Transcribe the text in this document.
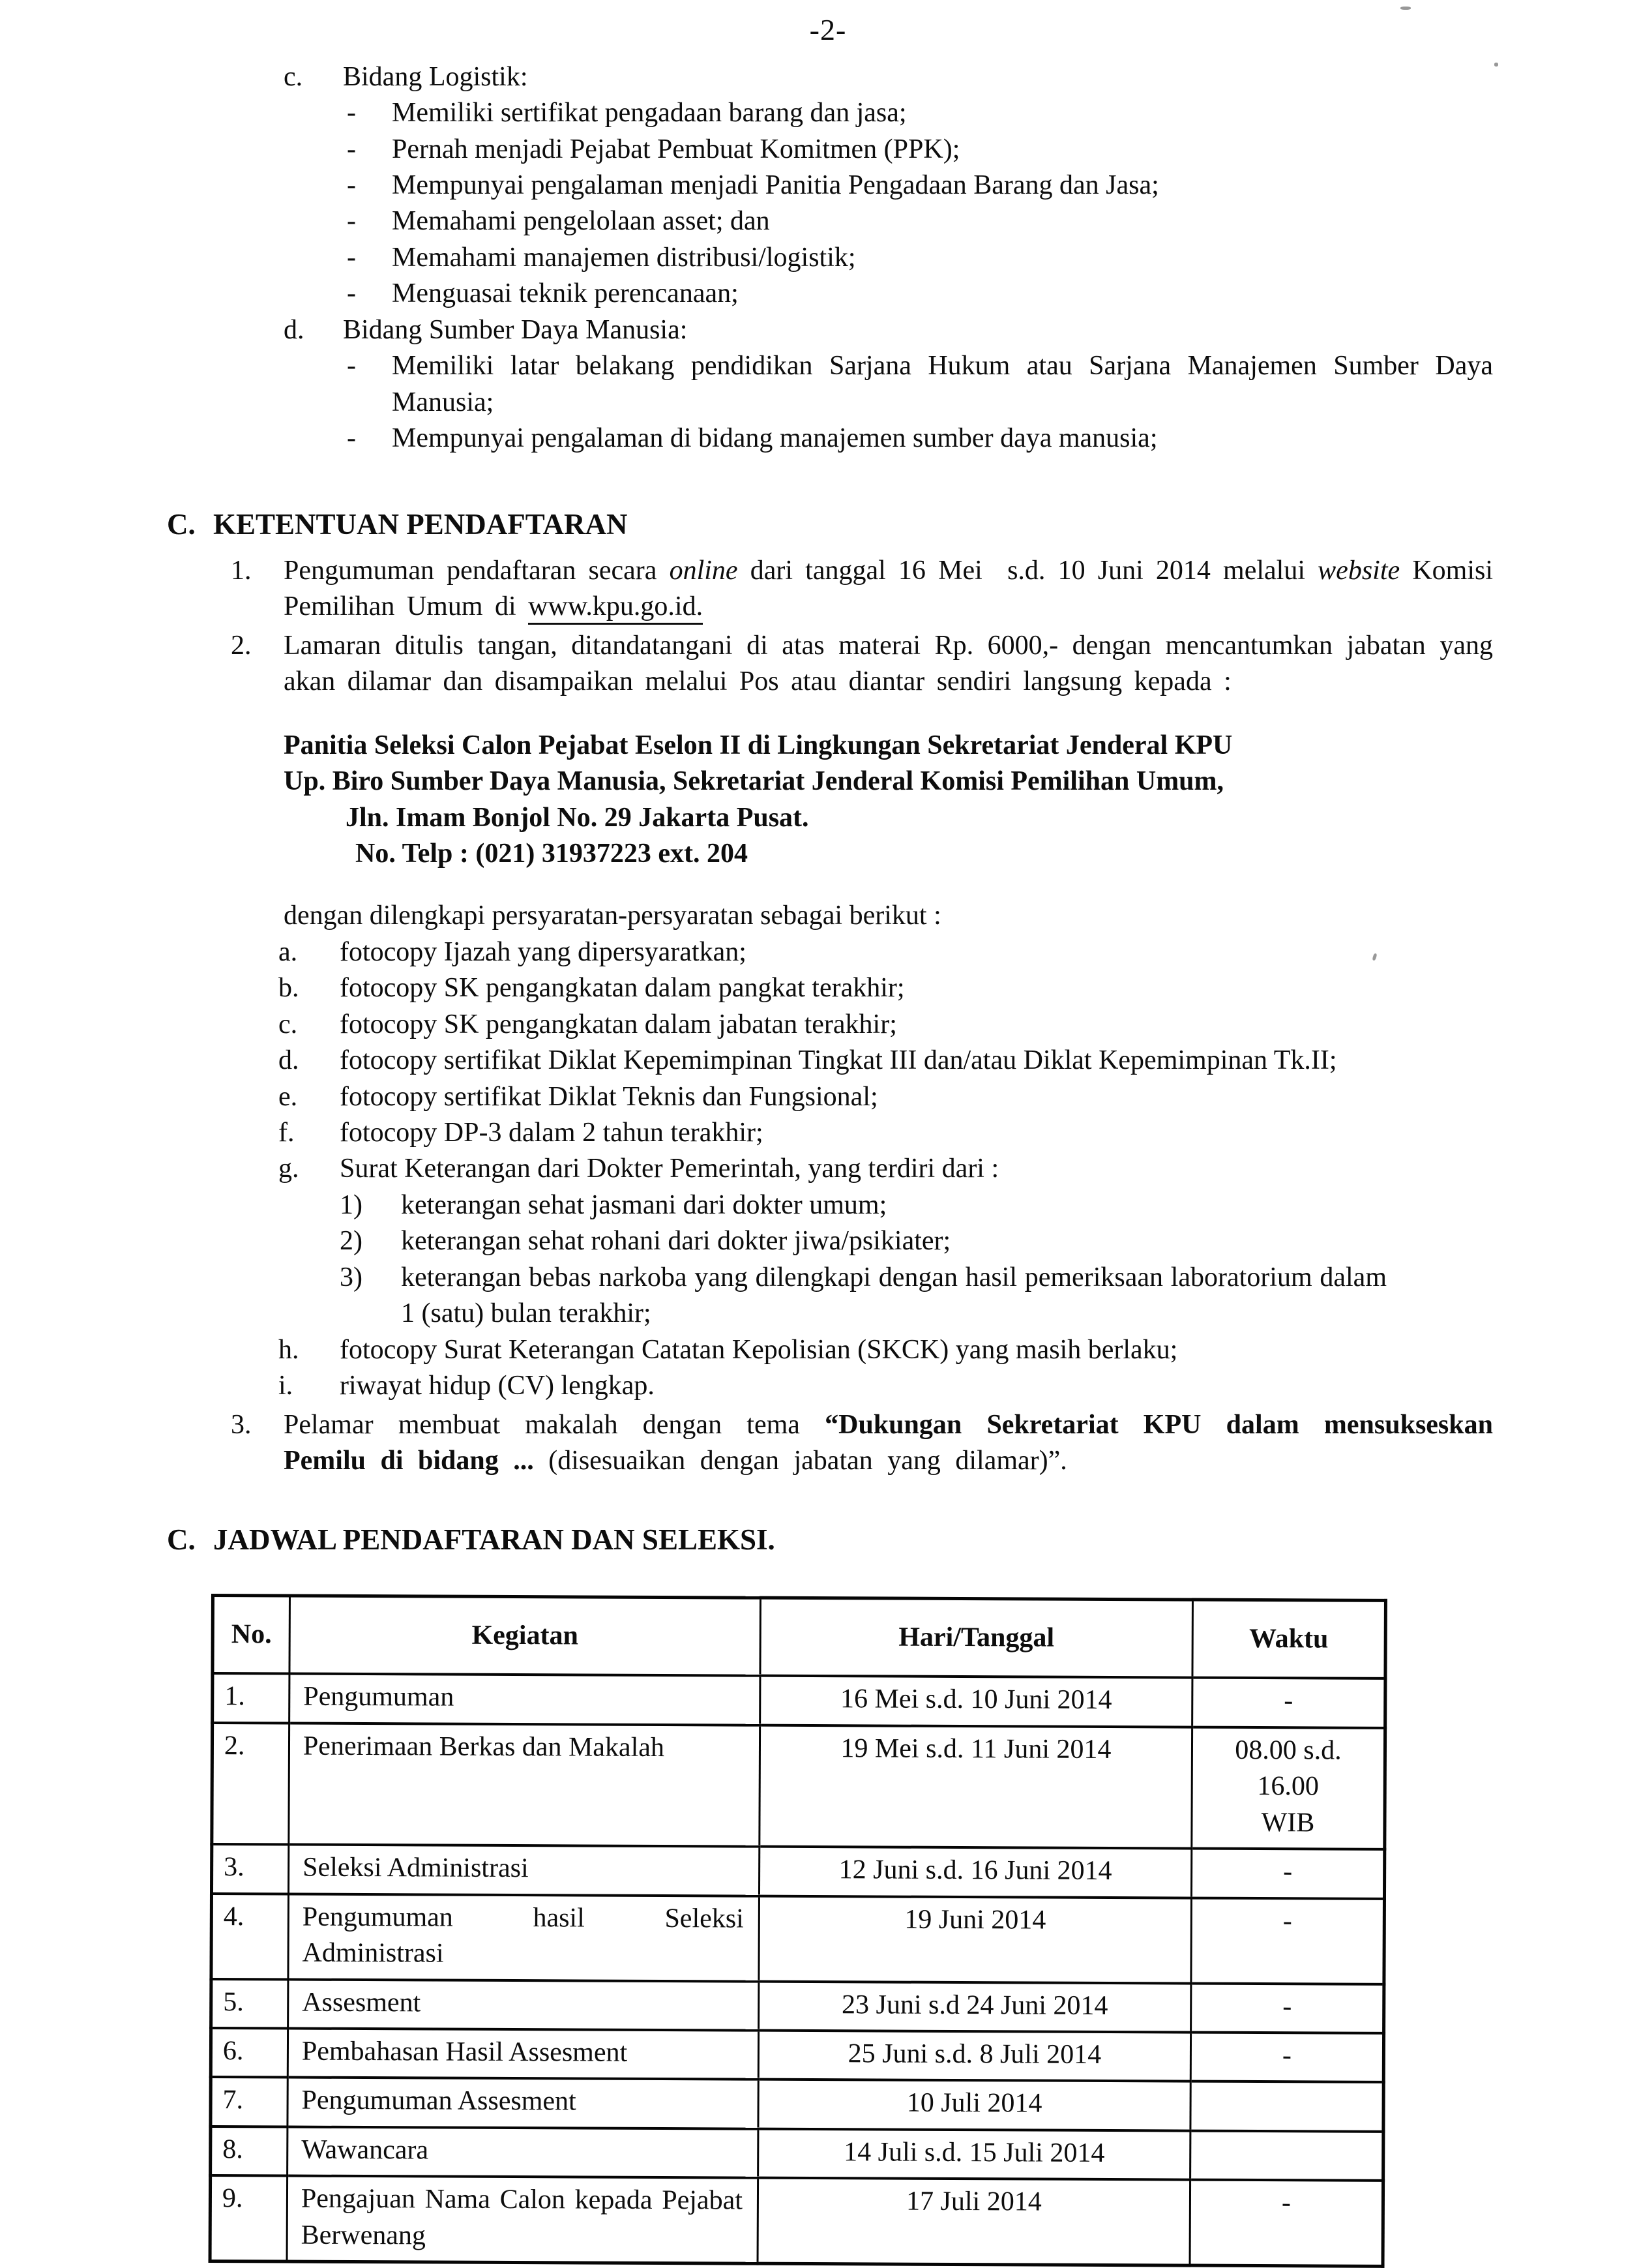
-2-
c.	Bidang Logistik:
-	Memiliki sertifikat pengadaan barang dan jasa;
-	Pernah menjadi Pejabat Pembuat Komitmen (PPK);
-	Mempunyai pengalaman menjadi Panitia Pengadaan Barang dan Jasa;
-	Memahami pengelolaan asset; dan
-	Memahami manajemen distribusi/logistik;
-	Menguasai teknik perencanaan;
d.	Bidang Sumber Daya Manusia:
-	Memiliki latar belakang pendidikan Sarjana Hukum atau Sarjana Manajemen Sumber Daya Manusia;
-	Mempunyai pengalaman di bidang manajemen sumber daya manusia;
C. KETENTUAN PENDAFTARAN
1.	Pengumuman pendaftaran secara online dari tanggal 16 Mei  s.d. 10 Juni 2014 melalui website Komisi Pemilihan Umum di www.kpu.go.id.
2.	Lamaran ditulis tangan, ditandatangani di atas materai Rp. 6000,- dengan mencantumkan jabatan yang akan dilamar dan disampaikan melalui Pos atau diantar sendiri langsung kepada :
Panitia Seleksi Calon Pejabat Eselon II di Lingkungan Sekretariat Jenderal KPU
Up. Biro Sumber Daya Manusia, Sekretariat Jenderal Komisi Pemilihan Umum,
Jln. Imam Bonjol No. 29 Jakarta Pusat.
No. Telp : (021) 31937223 ext. 204
dengan dilengkapi persyaratan-persyaratan sebagai berikut :
a.	fotocopy Ijazah yang dipersyaratkan;
b.	fotocopy SK pengangkatan dalam pangkat terakhir;
c.	fotocopy SK pengangkatan dalam jabatan terakhir;
d.	fotocopy sertifikat Diklat Kepemimpinan Tingkat III dan/atau Diklat Kepemimpinan Tk.II;
e.	fotocopy sertifikat Diklat Teknis dan Fungsional;
f.	fotocopy DP-3 dalam 2 tahun terakhir;
g.	Surat Keterangan dari Dokter Pemerintah, yang terdiri dari :
1)	keterangan sehat jasmani dari dokter umum;
2)	keterangan sehat rohani dari dokter jiwa/psikiater;
3)	keterangan bebas narkoba yang dilengkapi dengan hasil pemeriksaan laboratorium dalam 1 (satu) bulan terakhir;
h.	fotocopy Surat Keterangan Catatan Kepolisian (SKCK) yang masih berlaku;
i.	riwayat hidup (CV) lengkap.
3.	Pelamar membuat makalah dengan tema “Dukungan Sekretariat KPU dalam mensukseskan Pemilu di bidang ... (disesuaikan dengan jabatan yang dilamar)”.
C. JADWAL PENDAFTARAN DAN SELEKSI.
No.	Kegiatan	Hari/Tanggal	Waktu
1.	Pengumuman	16 Mei s.d. 10 Juni 2014	-
2.	Penerimaan Berkas dan Makalah	19 Mei s.d. 11 Juni 2014	08.00 s.d. 16.00
WIB
3.	Seleksi Administrasi	12 Juni s.d. 16 Juni 2014	-
4.	Pengumuman hasil Seleksi Administrasi	19 Juni 2014	-
5.	Assesment	23 Juni s.d 24 Juni 2014	-
6.	Pembahasan Hasil Assesment	25 Juni s.d. 8 Juli 2014	-
7.	Pengumuman Assesment	10 Juli 2014	
8.	Wawancara	14 Juli s.d. 15 Juli 2014	
9.	Pengajuan Nama Calon kepada Pejabat Berwenang	17 Juli 2014	-
